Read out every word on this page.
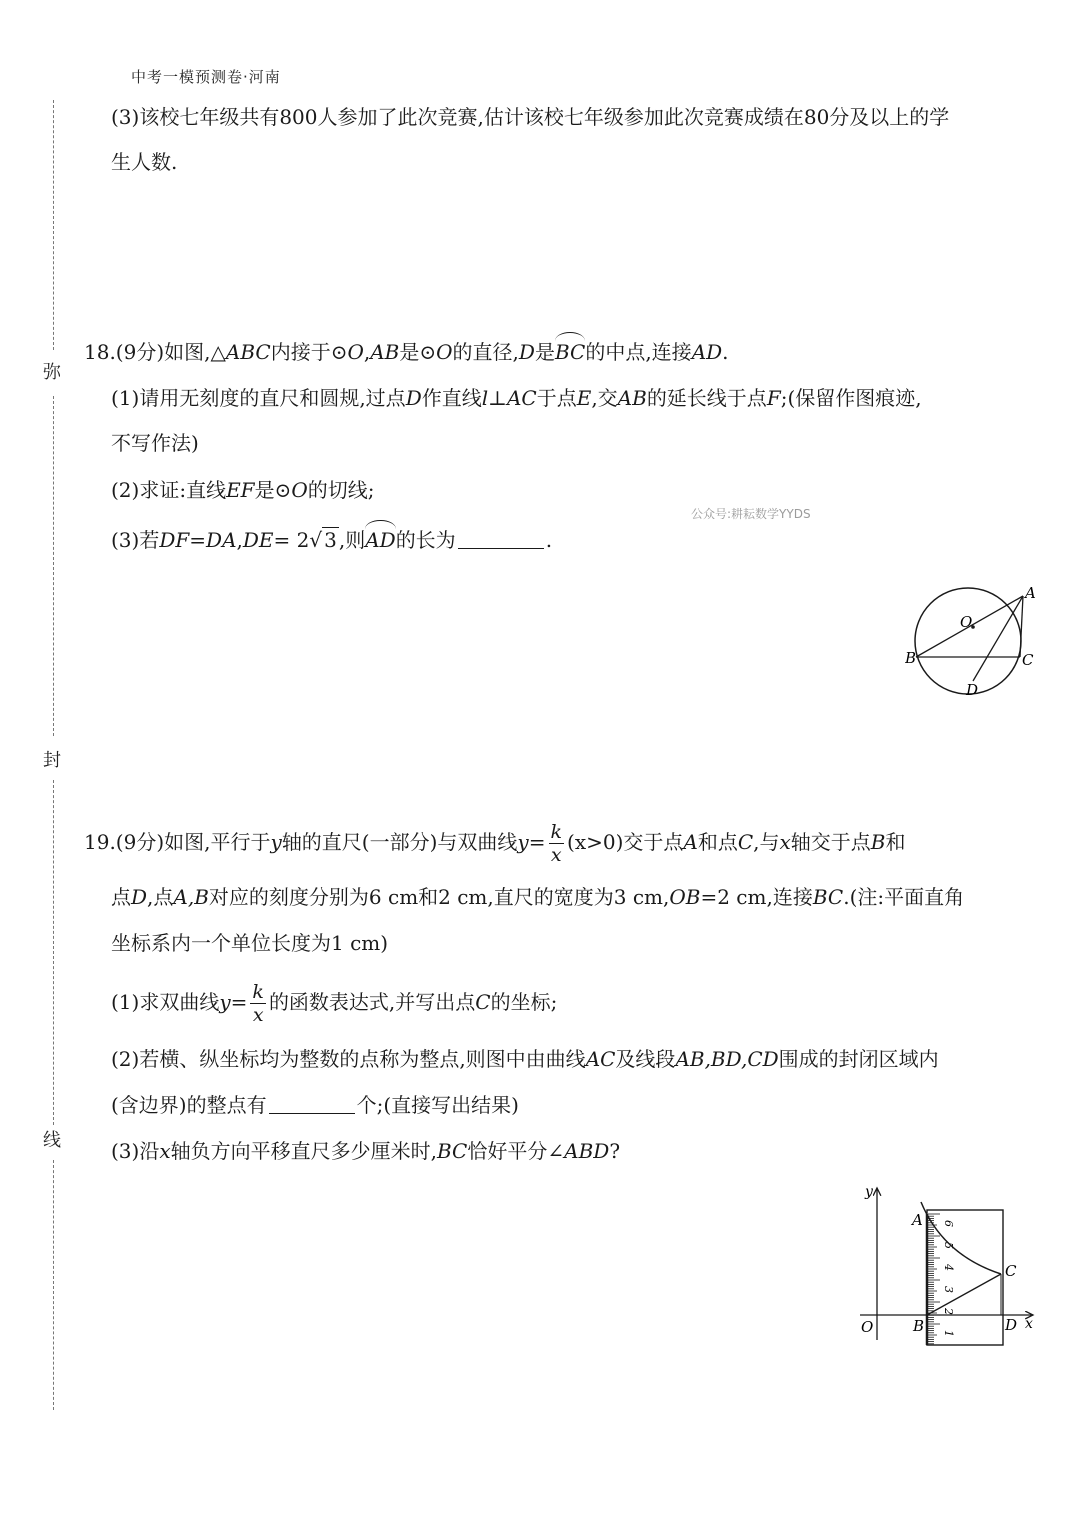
中考一模预测卷·河南
弥
封
线
(3)该校七年级共有800人参加了此次竞赛,估计该校七年级参加此次竞赛成绩在80分及以上的学
生人数.
18.(9分)如图,△ABC内接于⊙O,AB是⊙O的直径,D是BC的中点,连接AD.
(1)请用无刻度的直尺和圆规,过点D作直线l⊥AC于点E,交AB的延长线于点F;(保留作图痕迹,
不写作法)
(2)求证:直线EF是⊙O的切线;
公众号:耕耘数学YYDS
(3)若DF=DA,DE= 2√ 3 ,则AD的长为	.
A
O
B	C
D
19.(9分)如图,平行于y轴的直尺(一部分)与双曲线$y= \frac{k}{x} (x>0)$交于点A和点C,与x轴交于点B和
点D,点A,B对应的刻度分别为6 cm和2 cm,直尺的宽度为3 cm,OB=2 cm,连接BC.(注:平面直角
坐标系内一个单位长度为1 cm)
(1)求双曲线$y= \frac{k}{x}$ 的函数表达式,并写出点C的坐标;
(2)若横、纵坐标均为整数的点称为整点,则图中由曲线AC及线段AB,BD,CD围成的封闭区域内
(含边界)的整点有	个;(直接写出结果)
(3)沿x轴负方向平移直尺多少厘米时,BC恰好平分∠ABD?
y
x
O
6
5
4
3
2
1
A
C
B	D
